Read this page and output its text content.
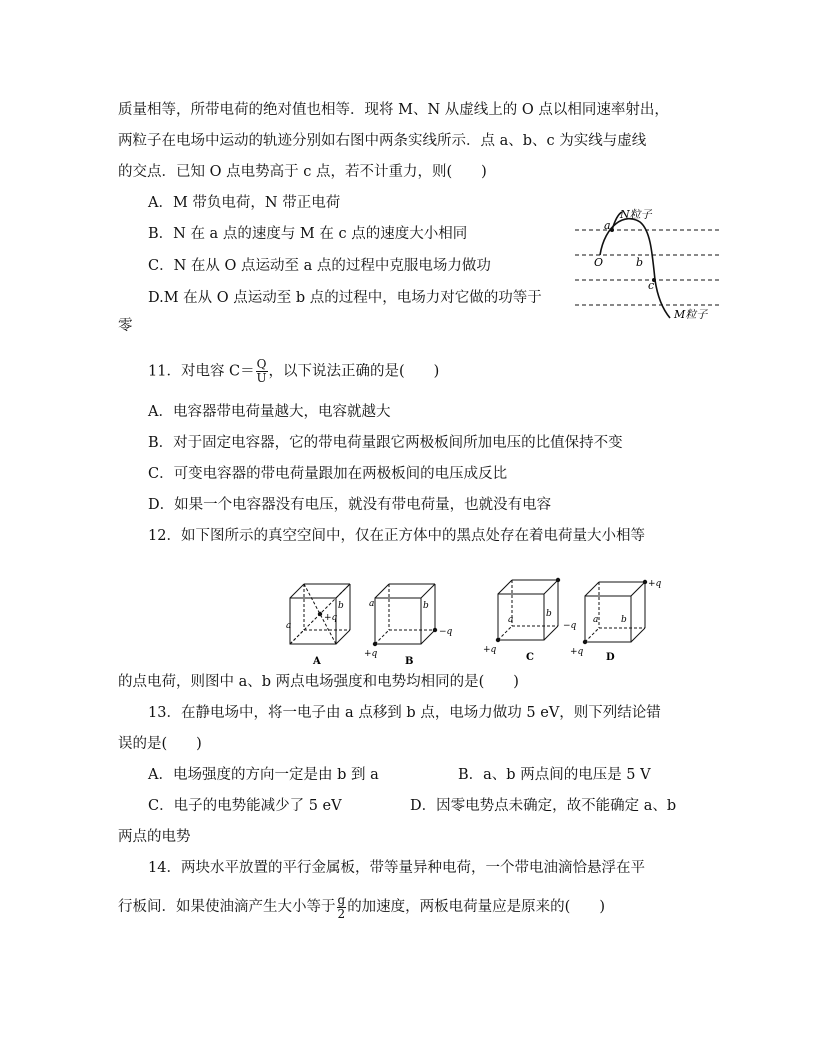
质量相等，所带电荷的绝对值也相等．现将 M、N 从虚线上的 O 点以相同速率射出，
两粒子在电场中运动的轨迹分别如右图中两条实线所示．点 a、b、c 为实线与虚线
的交点．已知 O 点电势高于 c 点，若不计重力，则(　　)
A．M 带负电荷，N 带正电荷
B．N 在 a 点的速度与 M 在 c 点的速度大小相同
C．N 在从 O 点运动至 a 点的过程中克服电场力做功
D.M 在从 O 点运动至 b 点的过程中，电场力对它做的功等于
零
N粒子
a
O	b
c
M粒子
11．对电容 $C= \frac{Q}{U}$ ，以下说法正确的是(　　)
A．电容器带电荷量越大，电容就越大
B．对于固定电容器，它的带电荷量跟它两极板间所加电压的比值保持不变
C．可变电容器的带电荷量跟加在两极板间的电压成反比
D．如果一个电容器没有电压，就没有带电荷量，也就没有电容
12．如下图所示的真空空间中，仅在正方体中的黑点处存在着电荷量大小相等
a
b
+q
a	b
+q
−q
a
b
+q
−q
a	b
+q
+q
A	B	C	D
的点电荷，则图中 a、b 两点电场强度和电势均相同的是(　　)
13．在静电场中，将一电子由 a 点移到 b 点，电场力做功 5 eV，则下列结论错
误的是(　　)
A．电场强度的方向一定是由 b 到 a	B．a、b 两点间的电压是 5 V
C．电子的电势能减少了 5 eV	D．因零电势点未确定，故不能确定 a、b
两点的电势
14．两块水平放置的平行金属板，带等量异种电荷，一个带电油滴恰悬浮在平
行板间．如果使油滴产生大小等于 $\frac{g}{2}$ 的加速度，两板电荷量应是原来的(　　)
